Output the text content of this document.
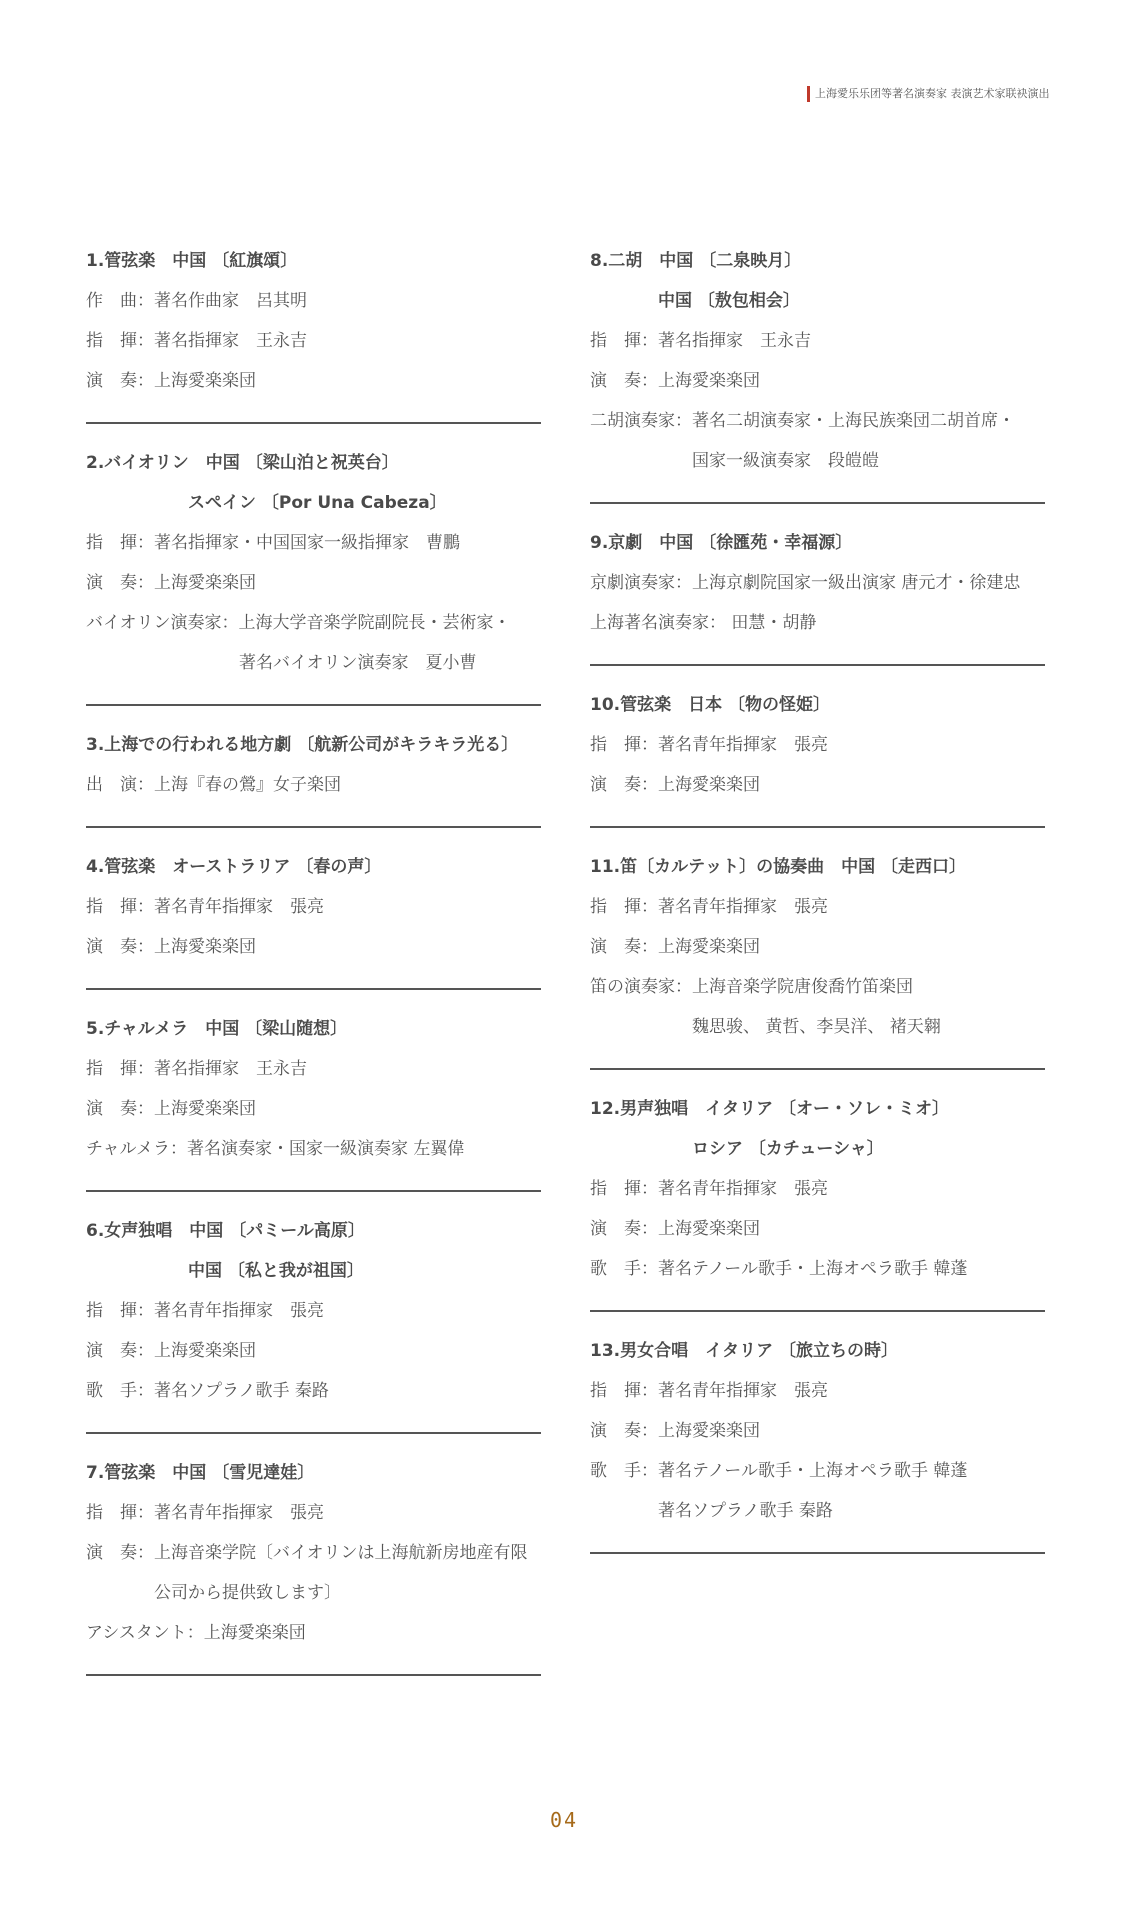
上海愛乐乐团等著名演奏家 表演艺术家联袂演出
1.管弦楽　中国 〔紅旗頌〕
作　曲：著名作曲家　呂其明
指　揮：著名指揮家　王永吉
演　奏：上海愛楽楽団
2.バイオリン　中国 〔梁山泊と祝英台〕
　　　　　　スペイン 〔Por Una Cabeza〕
指　揮：著名指揮家・中国国家一級指揮家　曹鵬
演　奏：上海愛楽楽団
バイオリン演奏家：上海大学音楽学院副院長・芸術家・
　　　　　　　　　著名バイオリン演奏家　夏小曹
3.上海での行われる地方劇 〔航新公司がキラキラ光る〕
出　演：上海『春の鶯』女子楽団
4.管弦楽　オーストラリア 〔春の声〕
指　揮：著名青年指揮家　張亮
演　奏：上海愛楽楽団
5.チャルメラ　中国 〔梁山随想〕
指　揮：著名指揮家　王永吉
演　奏：上海愛楽楽団
チャルメラ：著名演奏家・国家一級演奏家 左翼偉
6.女声独唱　中国 〔パミール高原〕
　　　　　　中国 〔私と我が祖国〕
指　揮：著名青年指揮家　張亮
演　奏：上海愛楽楽団
歌　手：著名ソプラノ歌手 秦路
7.管弦楽　中国 〔雪児達娃〕
指　揮：著名青年指揮家　張亮
演　奏：上海音楽学院〔バイオリンは上海航新房地産有限
　　　　公司から提供致します〕
アシスタント：上海愛楽楽団
8.二胡　中国 〔二泉映月〕
　　　　中国 〔敖包相会〕
指　揮：著名指揮家　王永吉
演　奏：上海愛楽楽団
二胡演奏家：著名二胡演奏家・上海民族楽団二胡首席・
　　　　　　国家一級演奏家　段皚皚
9.京劇　中国 〔徐匯苑・幸福源〕
京劇演奏家：上海京劇院国家一級出演家 唐元才・徐建忠
上海著名演奏家： 田慧・胡静
10.管弦楽　日本 〔物の怪姫〕
指　揮：著名青年指揮家　張亮
演　奏：上海愛楽楽団
11.笛〔カルテット〕の協奏曲　中国 〔走西口〕
指　揮：著名青年指揮家　張亮
演　奏：上海愛楽楽団
笛の演奏家：上海音楽学院唐俊喬竹笛楽団
　　　　　　魏思骏、 黄哲、李昊洋、 褚天翱
12.男声独唱　イタリア 〔オー・ソレ・ミオ〕
　　　　　　ロシア 〔カチューシャ〕
指　揮：著名青年指揮家　張亮
演　奏：上海愛楽楽団
歌　手：著名テノール歌手・上海オペラ歌手 韓蓬
13.男女合唱　イタリア 〔旅立ちの時〕
指　揮：著名青年指揮家　張亮
演　奏：上海愛楽楽団
歌　手：著名テノール歌手・上海オペラ歌手 韓蓬
　　　　著名ソプラノ歌手 秦路
04
